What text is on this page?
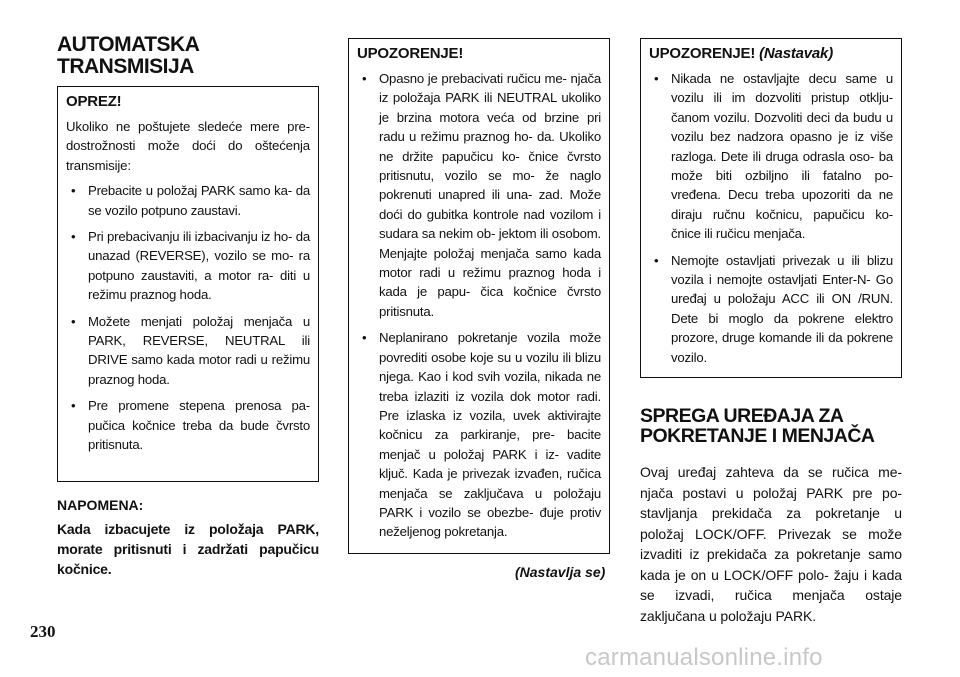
AUTOMATSKA
TRANSMISIJA
OPREZ!

Ukoliko ne poštujete sledeće mere pre- dostrožnosti može doći do oštećenja transmisije:

• Prebacite u položaj PARK samo ka- da se vozilo potpuno zaustavi.
• Pri prebacivanju ili izbacivanju iz ho- da unazad (REVERSE), vozilo se mo- ra potpuno zaustaviti, a motor ra- diti u režimu praznog hoda.
• Možete menjati položaj menjača u PARK, REVERSE, NEUTRAL ili DRIVE samo kada motor radi u režimu praznog hoda.
• Pre promene stepena prenosa pa- pučica kočnice treba da bude čvrsto pritisnuta.
NAPOMENA:

Kada izbacujete iz položaja PARK, morate pritisnuti i zadržati papučicu kočnice.

UPOZORENJE!
• Opasno je prebacivati ručicu me- njača iz položaja PARK ili NEUTRAL ukoliko je brzina motora veća od brzine pri radu u režimu praznog ho- da. Ukoliko ne držite papučicu ko- čnice čvrsto pritisnutu, vozilo se mo- že naglo pokrenuti unapred ili una- zad. Može doći do gubitka kontrole nad vozilom i sudara sa nekim ob- jektom ili osobom. Menjajte položaj menjača samo kada motor radi u režimu praznog hoda i kada je papu- čica kočnice čvrsto pritisnuta.
• Neplanirano pokretanje vozila može povrediti osobe koje su u vozilu ili blizu njega. Kao i kod svih vozila, nikada ne treba izlaziti iz vozila dok motor radi. Pre izlaska iz vozila, uvek aktivirajte kočnicu za parkiranje, pre- bacite menjač u položaj PARK i iz- vadite ključ. Kada je privezak izvađen, ručica menjača se zaključava u položaju PARK i vozilo se obezbe- đuje protiv neželjenog pokretanja.
(Nastavlja se)
UPOZORENJE! (Nastavak)
• Nikada ne ostavljajte decu same u vozilu ili im dozvoliti pristup otklju- čanom vozilu. Dozvoliti deci da budu u vozilu bez nadzora opasno je iz više razloga. Dete ili druga odrasla oso- ba može biti ozbiljno ili fatalno po- vređena. Decu treba upozoriti da ne diraju ručnu kočnicu, papučicu ko- čnice ili ručicu menjača.
• Nemojte ostavljati privezak u ili blizu vozila i nemojte ostavljati Enter-N- Go uređaj u položaju ACC ili ON /RUN. Dete bi moglo da pokrene elektro prozore, druge komande ili da pokrene vozilo.
SPREGA UREĐAJA ZA
POKRETANJE I MENJAČA

Ovaj uređaj zahteva da se ručica me- njača postavi u položaj PARK pre po- stavljanja prekidača za pokretanje u položaj LOCK/OFF. Privezak se može izvaditi iz prekidača za pokretanje samo kada je on u LOCK/OFF polo- žaju i kada se izvadi, ručica menjača ostaje zaključana u položaju PARK.

230
carmanualsonline.info
